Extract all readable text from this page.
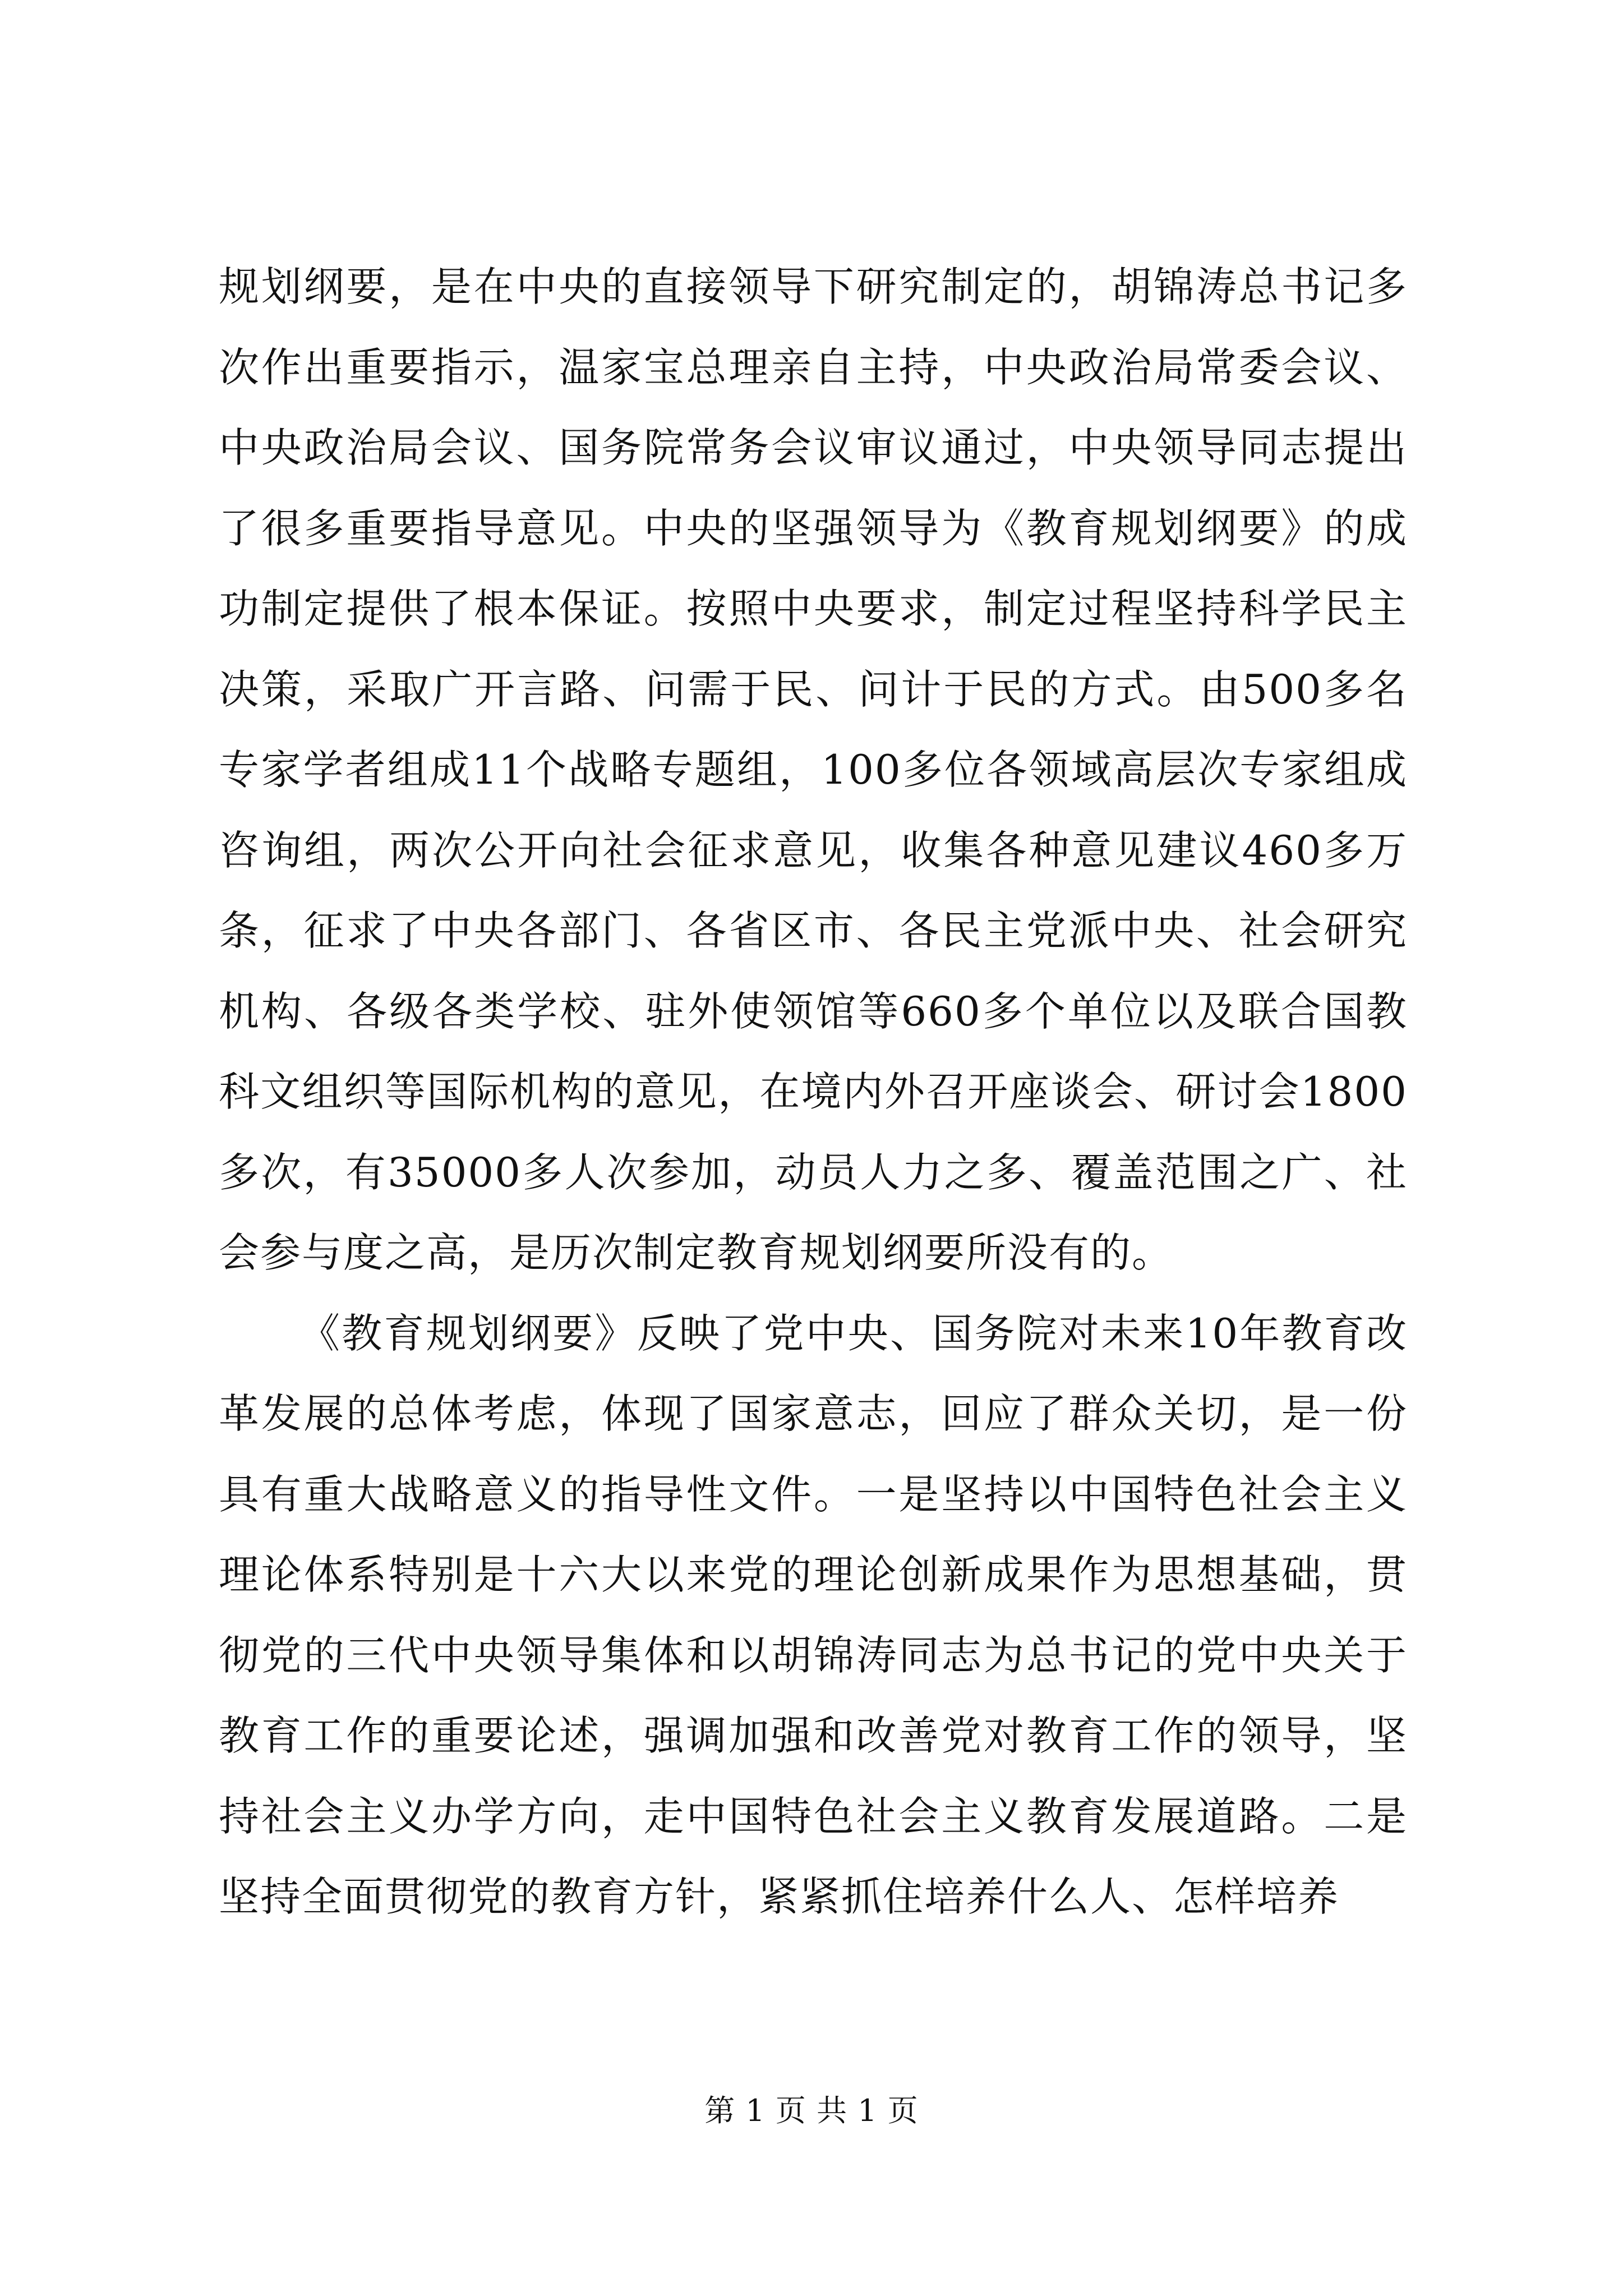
规划纲要，是在中央的直接领导下研究制定的，胡锦涛总书记多次作出重要指示，温家宝总理亲自主持，中央政治局常委会议、中央政治局会议、国务院常务会议审议通过，中央领导同志提出了很多重要指导意见。中央的坚强领导为《教育规划纲要》的成功制定提供了根本保证。按照中央要求，制定过程坚持科学民主决策，采取广开言路、问需于民、问计于民的方式。由500多名专家学者组成11个战略专题组，100多位各领域高层次专家组成咨询组，两次公开向社会征求意见，收集各种意见建议460多万条，征求了中央各部门、各省区市、各民主党派中央、社会研究机构、各级各类学校、驻外使领馆等660多个单位以及联合国教科文组织等国际机构的意见，在境内外召开座谈会、研讨会1800多次，有35000多人次参加，动员人力之多、覆盖范围之广、社会参与度之高，是历次制定教育规划纲要所没有的。

《教育规划纲要》反映了党中央、国务院对未来10年教育改革发展的总体考虑，体现了国家意志，回应了群众关切，是一份具有重大战略意义的指导性文件。一是坚持以中国特色社会主义理论体系特别是十六大以来党的理论创新成果作为思想基础，贯彻党的三代中央领导集体和以胡锦涛同志为总书记的党中央关于教育工作的重要论述，强调加强和改善党对教育工作的领导，坚持社会主义办学方向，走中国特色社会主义教育发展道路。二是坚持全面贯彻党的教育方针，紧紧抓住培养什么人、怎样培养

第 1 页 共 1 页
